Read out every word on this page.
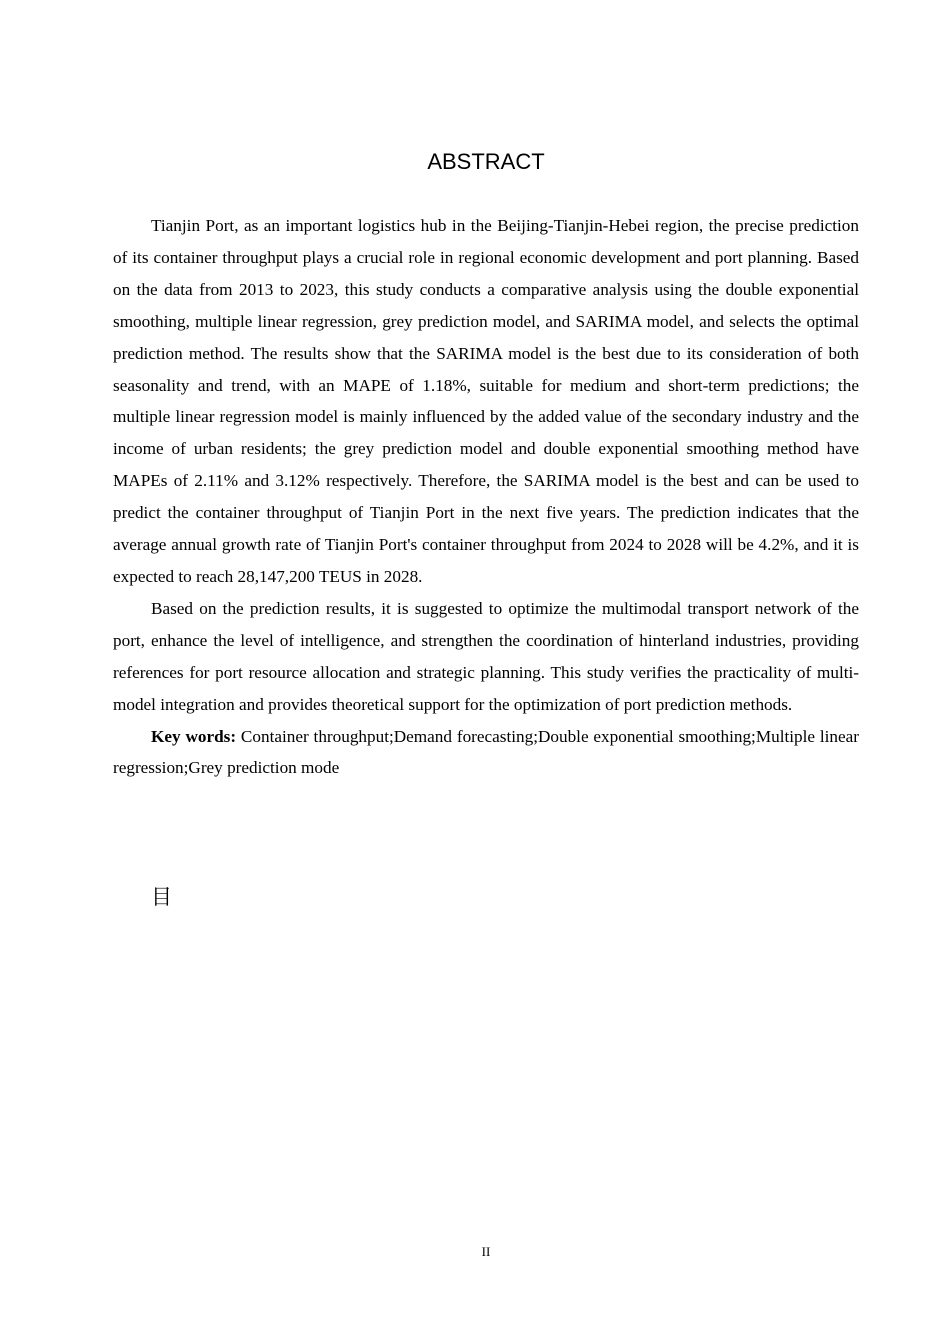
ABSTRACT

Tianjin Port, as an important logistics hub in the Beijing-Tianjin-Hebei region, the precise prediction of its container throughput plays a crucial role in regional economic development and port planning. Based on the data from 2013 to 2023, this study conducts a comparative analysis using the double exponential smoothing, multiple linear regression, grey prediction model, and SARIMA model, and selects the optimal prediction method. The results show that the SARIMA model is the best due to its consideration of both seasonality and trend, with an MAPE of 1.18%, suitable for medium and short-term predictions; the multiple linear regression model is mainly influenced by the added value of the secondary industry and the income of urban residents; the grey prediction model and double exponential smoothing method have MAPEs of 2.11% and 3.12% respectively. Therefore, the SARIMA model is the best and can be used to predict the container throughput of Tianjin Port in the next five years. The prediction indicates that the average annual growth rate of Tianjin Port's container throughput from 2024 to 2028 will be 4.2%, and it is expected to reach 28,147,200 TEUS in 2028.

Based on the prediction results, it is suggested to optimize the multimodal transport network of the port, enhance the level of intelligence, and strengthen the coordination of hinterland industries, providing references for port resource allocation and strategic planning. This study verifies the practicality of multi-model integration and provides theoretical support for the optimization of port prediction methods.

Key words: Container throughput;Demand forecasting;Double exponential smoothing;Multiple linear regression;Grey prediction mode

目
II
